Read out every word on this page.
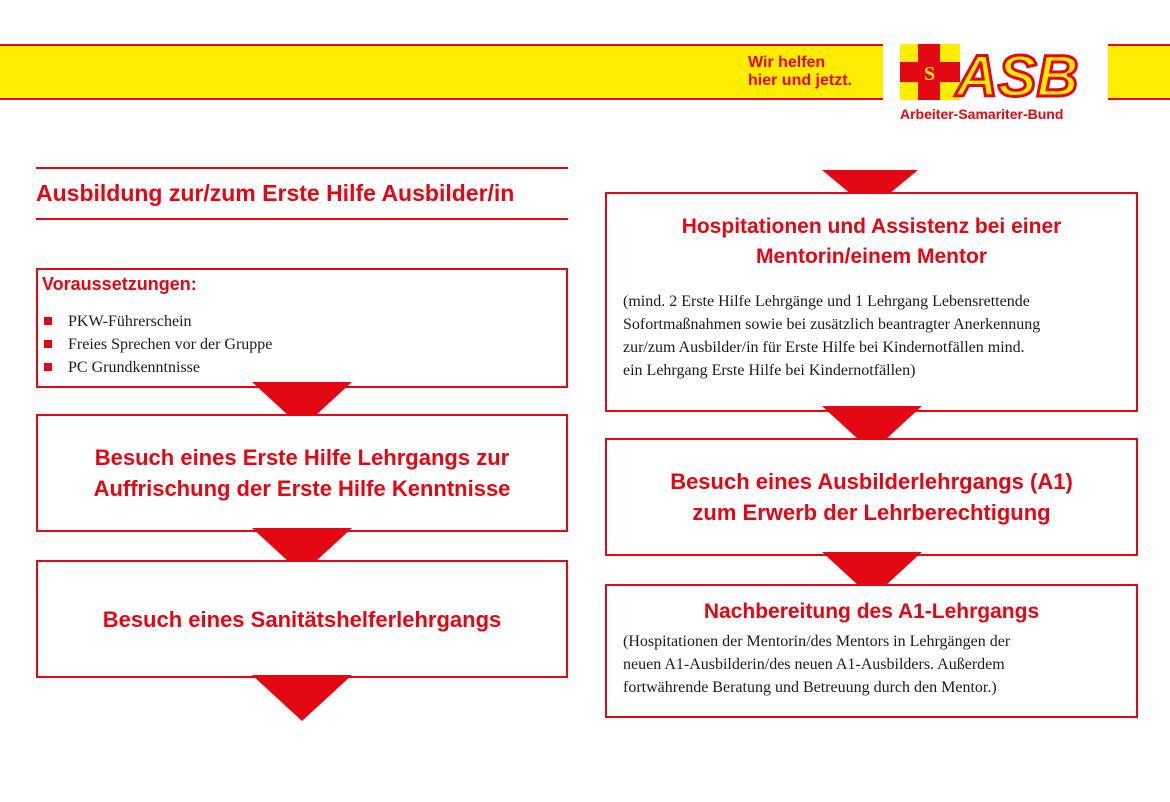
Wir helfen
hier und jetzt.	S ASB
Arbeiter-Samariter-Bund
Ausbildung zur/zum Erste Hilfe Ausbilder/in
Voraussetzungen:
PKW-Führerschein
Freies Sprechen vor der Gruppe
PC Grundkenntnisse
Besuch eines Erste Hilfe Lehrgangs zur
Auffrischung der Erste Hilfe Kenntnisse
Besuch eines Sanitätshelferlehrgangs
Hospitationen und Assistenz bei einer
Mentorin/einem Mentor
(mind. 2 Erste Hilfe Lehrgänge und 1 Lehrgang Lebensrettende
Sofortmaßnahmen sowie bei zusätzlich beantragter Anerkennung
zur/zum Ausbilder/in für Erste Hilfe bei Kindernotfällen mind.
ein Lehrgang Erste Hilfe bei Kindernotfällen)
Besuch eines Ausbilderlehrgangs (A1)
zum Erwerb der Lehrberechtigung
Nachbereitung des A1-Lehrgangs
(Hospitationen der Mentorin/des Mentors in Lehrgängen der
neuen A1-Ausbilderin/des neuen A1-Ausbilders. Außerdem
fortwährende Beratung und Betreuung durch den Mentor.)
